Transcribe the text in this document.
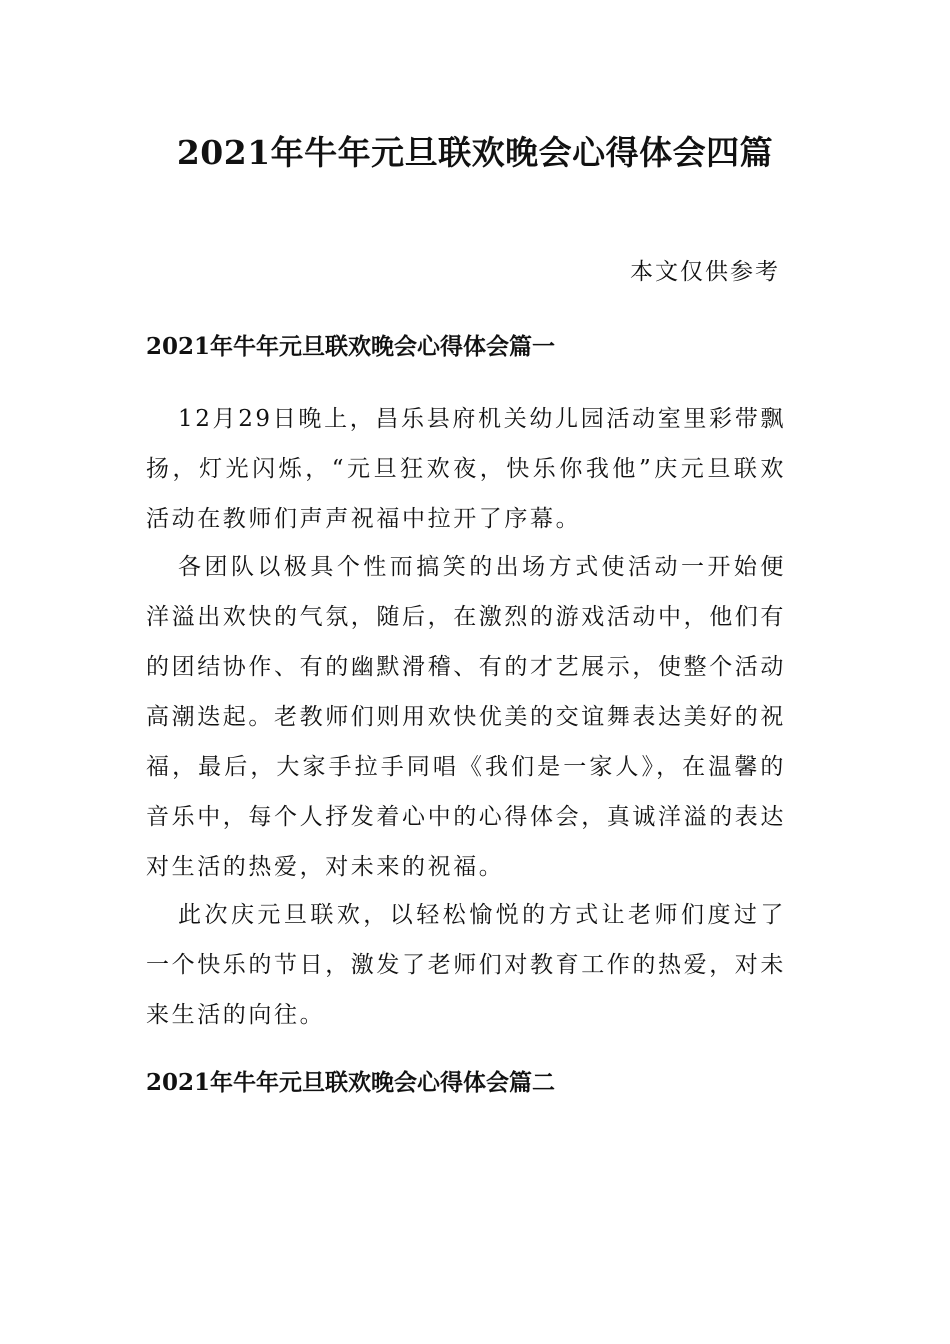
2021年牛年元旦联欢晚会心得体会四篇
本文仅供参考
2021年牛年元旦联欢晚会心得体会篇一
12月29日晚上，昌乐县府机关幼儿园活动室里彩带飘扬，灯光闪烁，“元旦狂欢夜，快乐你我他”庆元旦联欢活动在教师们声声祝福中拉开了序幕。
各团队以极具个性而搞笑的出场方式使活动一开始便洋溢出欢快的气氛，随后，在激烈的游戏活动中，他们有的团结协作、有的幽默滑稽、有的才艺展示，使整个活动高潮迭起。老教师们则用欢快优美的交谊舞表达美好的祝福，最后，大家手拉手同唱《我们是一家人》，在温馨的音乐中，每个人抒发着心中的心得体会，真诚洋溢的表达对生活的热爱，对未来的祝福。
此次庆元旦联欢，以轻松愉悦的方式让老师们度过了一个快乐的节日，激发了老师们对教育工作的热爱，对未来生活的向往。
2021年牛年元旦联欢晚会心得体会篇二
